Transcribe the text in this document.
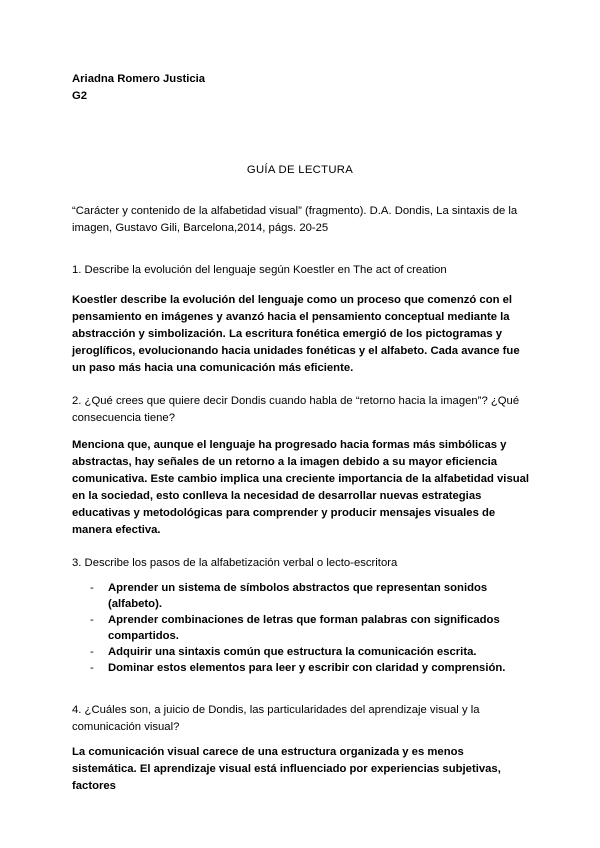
Ariadna Romero Justicia
G2

GUÍA DE LECTURA

“Carácter y contenido de la alfabetidad visual” (fragmento). D.A. Dondis, La sintaxis de la imagen, Gustavo Gili, Barcelona,2014, págs. 20-25

1. Describe la evolución del lenguaje según Koestler en The act of creation

Koestler describe la evolución del lenguaje como un proceso que comenzó con el pensamiento en imágenes y avanzó hacia el pensamiento conceptual mediante la abstracción y simbolización. La escritura fonética emergió de los pictogramas y jeroglíficos, evolucionando hacia unidades fonéticas y el alfabeto. Cada avance fue un paso más hacia una comunicación más eficiente.

2. ¿Qué crees que quiere decir Dondis cuando habla de “retorno hacia la imagen”? ¿Qué consecuencia tiene?

Menciona que, aunque el lenguaje ha progresado hacia formas más simbólicas y abstractas, hay señales de un retorno a la imagen debido a su mayor eficiencia comunicativa. Este cambio implica una creciente importancia de la alfabetidad visual en la sociedad, esto conlleva la necesidad de desarrollar nuevas estrategias educativas y metodológicas para comprender y producir mensajes visuales de manera efectiva.

3. Describe los pasos de la alfabetización verbal o lecto-escritora

- Aprender un sistema de símbolos abstractos que representan sonidos (alfabeto).
- Aprender combinaciones de letras que forman palabras con significados compartidos.
- Adquirir una sintaxis común que estructura la comunicación escrita.
- Dominar estos elementos para leer y escribir con claridad y comprensión.

4. ¿Cuáles son, a juicio de Dondis, las particularidades del aprendizaje visual y la comunicación visual?

La comunicación visual carece de una estructura organizada y es menos sistemática. El aprendizaje visual está influenciado por experiencias subjetivas, factores
